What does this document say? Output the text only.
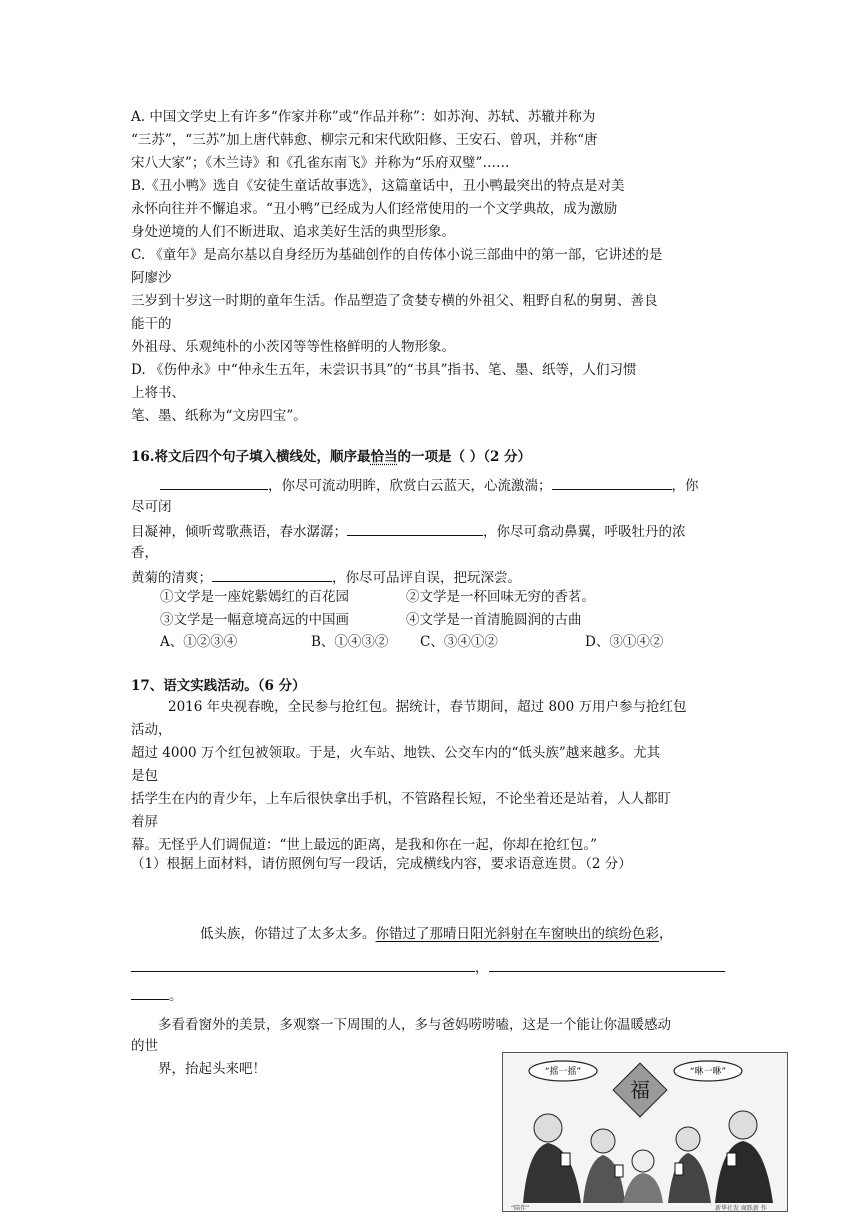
A. 中国文学史上有许多“作家并称”或“作品并称”：如苏洵、苏轼、苏辙并称为
“三苏”，“三苏”加上唐代韩愈、柳宗元和宋代欧阳修、王安石、曾巩，并称“唐
宋八大家”；《木兰诗》和《孔雀东南飞》并称为“乐府双璧”……
B.《丑小鸭》选自《安徒生童话故事选》，这篇童话中，丑小鸭最突出的特点是对美
永怀向往并不懈追求。“丑小鸭”已经成为人们经常使用的一个文学典故，成为激励
身处逆境的人们不断进取、追求美好生活的典型形象。
C. 《童年》是高尔基以自身经历为基础创作的自传体小说三部曲中的第一部，它讲述的是
阿廖沙
三岁到十岁这一时期的童年生活。作品塑造了贪婪专横的外祖父、粗野自私的舅舅、善良
能干的
外祖母、乐观纯朴的小茨冈等等性格鲜明的人物形象。
D. 《伤仲永》中“仲永生五年，未尝识书具”的“书具”指书、笔、墨、纸等，人们习惯
上将书、
笔、墨、纸称为“文房四宝”。
16.将文后四个句子填入横线处，顺序最恰当的一项是（ ）（2 分）
，你尽可流动明眸，欣赏白云蓝天，心流激湍；	，你
尽可闭
目凝神，倾听莺歌燕语，春水潺潺；	，你尽可翕动鼻翼，呼吸牡丹的浓
香，
黄菊的清爽；	，你尽可品评自误，把玩深尝。
①文学是一座姹紫嫣红的百花园	②文学是一杯回味无穷的香茗。
③文学是一幅意境高远的中国画	④文学是一首清脆圆润的古曲
A、①②③④	B、①④③② C、③④①②	D、③①④②
17、语文实践活动。（6 分）
2016 年央视春晚，全民参与抢红包。据统计，春节期间，超过 800 万用户参与抢红包
活动，
超过 4000 万个红包被领取。于是，火车站、地铁、公交车内的“低头族”越来越多。尤其
是包
括学生在内的青少年，上车后很快拿出手机，不管路程长短，不论坐着还是站着，人人都盯
着屏
幕。无怪乎人们调侃道：“世上最远的距离，是我和你在一起，你却在抢红包。”
（1）根据上面材料，请仿照例句写一段话，完成横线内容，要求语意连贯。（2 分）
低头族，你错过了太多太多。你错过了那晴日阳光斜射在车窗映出的缤纷色彩，
，
。
多看看窗外的美景，多观察一下周围的人，多与爸妈唠唠嗑，这是一个能让你温暖感动
的世
界，抬起头来吧！	“摇一摇”	“咻一咻”
福
“陪伴”	新华社发 商跃新 作
